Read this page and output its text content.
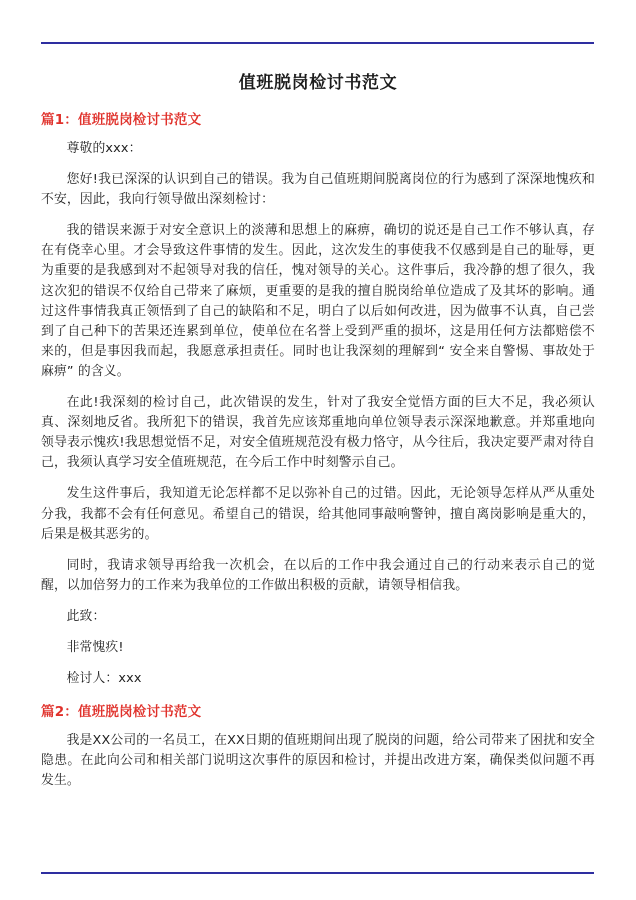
值班脱岗检讨书范文
篇1：值班脱岗检讨书范文

尊敬的xxx：

您好!我已深深的认识到自己的错误。我为自己值班期间脱离岗位的行为感到了深深地愧疚和不安，因此，我向行领导做出深刻检讨：

我的错误来源于对安全意识上的淡薄和思想上的麻痹，确切的说还是自己工作不够认真，存在有侥幸心里。才会导致这件事情的发生。因此，这次发生的事使我不仅感到是自己的耻辱，更为重要的是我感到对不起领导对我的信任，愧对领导的关心。这件事后，我冷静的想了很久，我这次犯的错误不仅给自己带来了麻烦，更重要的是我的擅自脱岗给单位造成了及其坏的影响。通过这件事情我真正领悟到了自己的缺陷和不足，明白了以后如何改进，因为做事不认真，自己尝到了自己种下的苦果还连累到单位，使单位在名誉上受到严重的损坏，这是用任何方法都赔偿不来的，但是事因我而起，我愿意承担责任。同时也让我深刻的理解到“ 安全来自警惕、事故处于麻痹” 的含义。

在此!我深刻的检讨自己，此次错误的发生，针对了我安全觉悟方面的巨大不足，我必须认真、深刻地反省。我所犯下的错误，我首先应该郑重地向单位领导表示深深地歉意。并郑重地向领导表示愧疚!我思想觉悟不足，对安全值班规范没有极力恪守，从今往后，我决定要严肃对待自己，我须认真学习安全值班规范，在今后工作中时刻警示自己。

发生这件事后，我知道无论怎样都不足以弥补自己的过错。因此，无论领导怎样从严从重处分我，我都不会有任何意见。希望自己的错误，给其他同事敲响警钟，擅自离岗影响是重大的，后果是极其恶劣的。

同时，我请求领导再给我一次机会，在以后的工作中我会通过自己的行动来表示自己的觉醒，以加倍努力的工作来为我单位的工作做出积极的贡献，请领导相信我。

此致：

非常愧疚!

检讨人：xxx

篇2：值班脱岗检讨书范文

我是XX公司的一名员工，在XX日期的值班期间出现了脱岗的问题，给公司带来了困扰和安全隐患。在此向公司和相关部门说明这次事件的原因和检讨，并提出改进方案，确保类似问题不再发生。
